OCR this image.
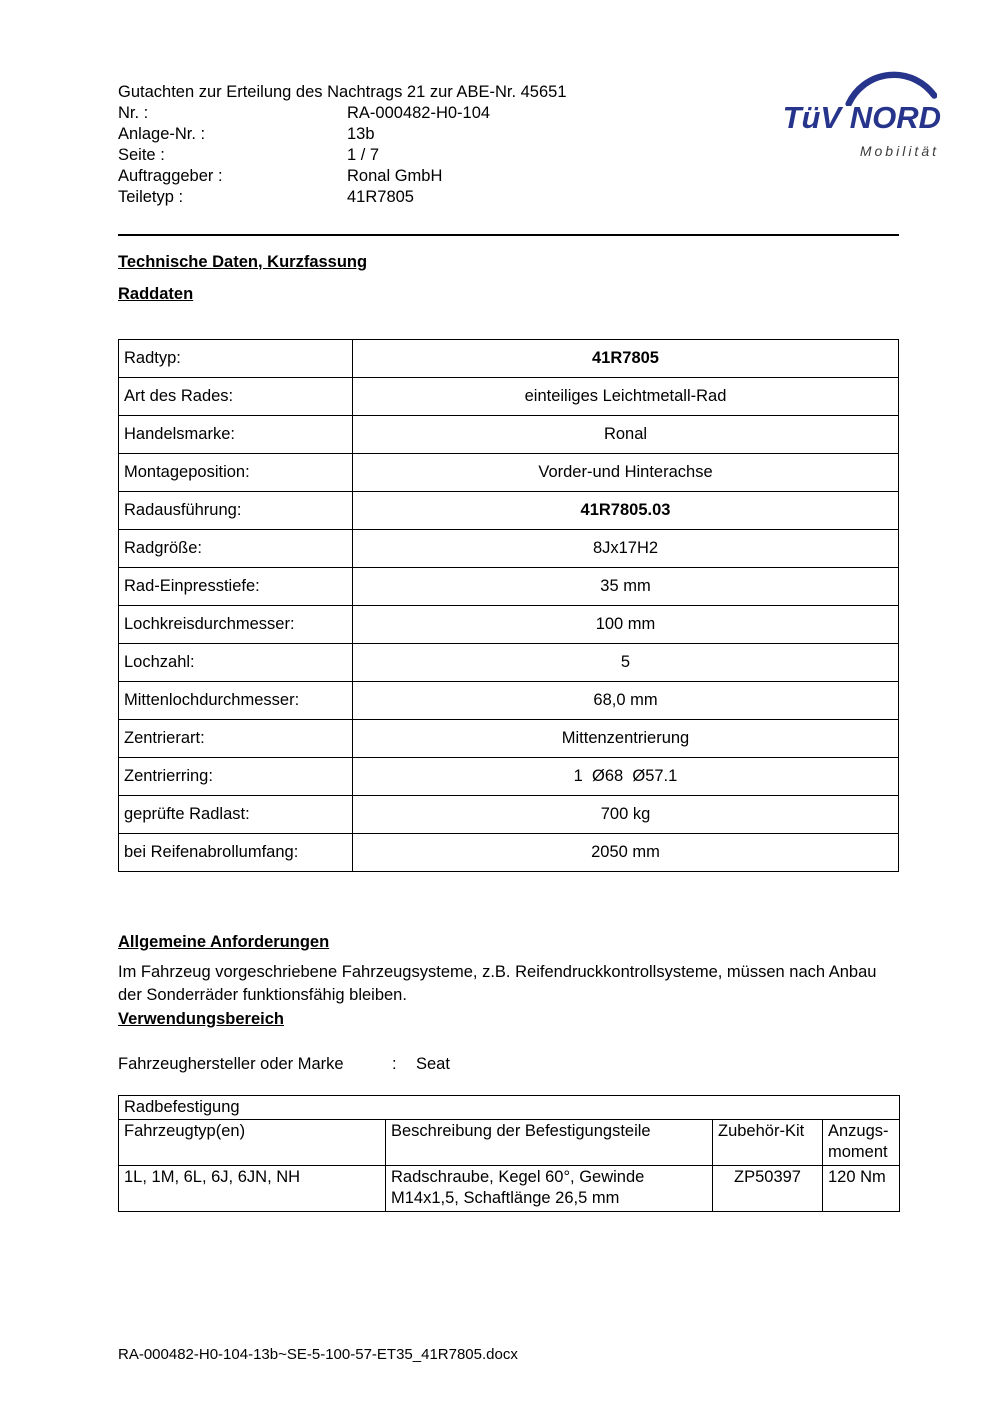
TüV NORD
Mobilität
Gutachten zur Erteilung des Nachtrags 21 zur ABE-Nr. 45651
Nr. :	RA-000482-H0-104
Anlage-Nr. :	13b
Seite :	1 / 7
Auftraggeber :	Ronal GmbH
Teiletyp :	41R7805
Technische Daten, Kurzfassung
Raddaten
Radtyp:	41R7805
Art des Rades:	einteiliges Leichtmetall-Rad
Handelsmarke:	Ronal
Montageposition:	Vorder-und Hinterachse
Radausführung:	41R7805.03
Radgröße:	8Jx17H2
Rad-Einpresstiefe:	35 mm
Lochkreisdurchmesser:	100 mm
Lochzahl:	5
Mittenlochdurchmesser:	68,0 mm
Zentrierart:	Mittenzentrierung
Zentrierring:	1  Ø68  Ø57.1
geprüfte Radlast:	700 kg
bei Reifenabrollumfang:	2050 mm
Allgemeine Anforderungen
Im Fahrzeug vorgeschriebene Fahrzeugsysteme, z.B. Reifendruckkontrollsysteme, müssen nach Anbau der Sonderräder funktionsfähig bleiben.
Verwendungsbereich
Fahrzeughersteller oder Marke	:	Seat
Radbefestigung			
Fahrzeugtyp(en)	Beschreibung der Befestigungsteile	Zubehör-Kit	Anzugs-moment
1L, 1M, 6L, 6J, 6JN, NH	Radschraube, Kegel 60°, Gewinde M14x1,5, Schaftlänge 26,5 mm	ZP50397	120 Nm
RA-000482-H0-104-13b~SE-5-100-57-ET35_41R7805.docx
